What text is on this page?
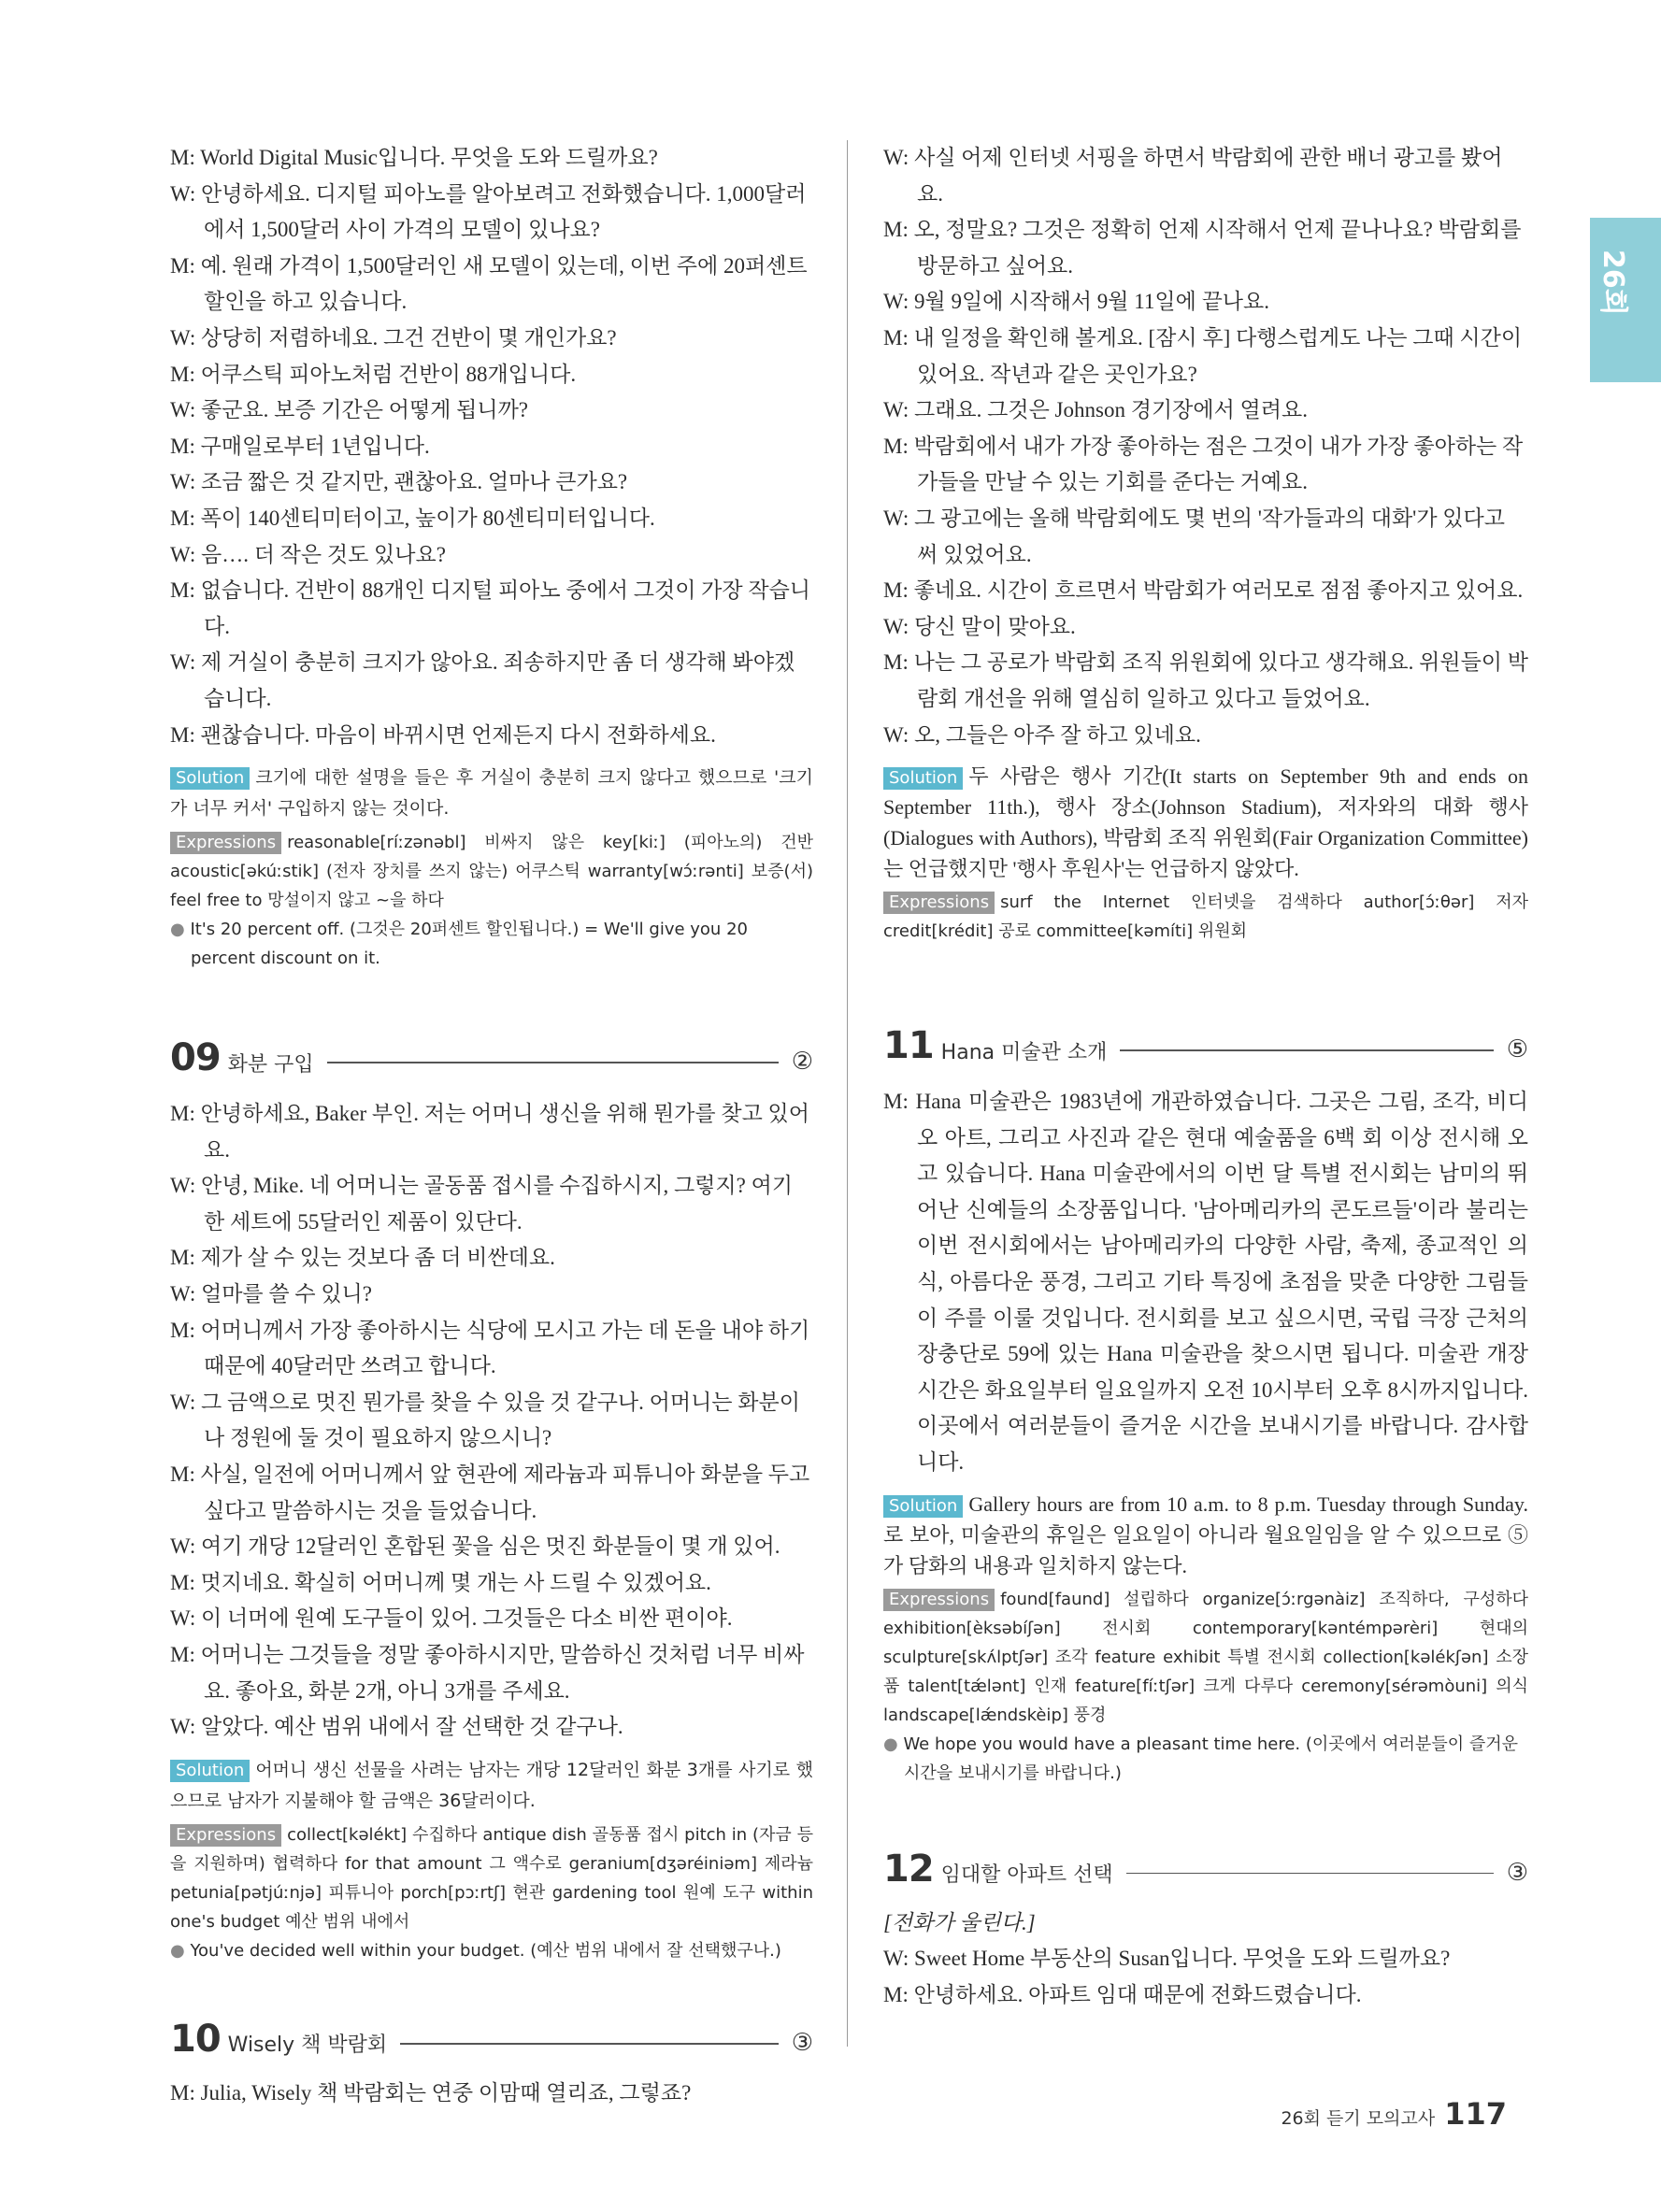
26회

M: World Digital Music입니다. 무엇을 도와 드릴까요?

W: 안녕하세요. 디지털 피아노를 알아보려고 전화했습니다. 1,000달러에서 1,500달러 사이 가격의 모델이 있나요?

M: 예. 원래 가격이 1,500달러인 새 모델이 있는데, 이번 주에 20퍼센트 할인을 하고 있습니다.

W: 상당히 저렴하네요. 그건 건반이 몇 개인가요?

M: 어쿠스틱 피아노처럼 건반이 88개입니다.

W: 좋군요. 보증 기간은 어떻게 됩니까?

M: 구매일로부터 1년입니다.

W: 조금 짧은 것 같지만, 괜찮아요. 얼마나 큰가요?

M: 폭이 140센티미터이고, 높이가 80센티미터입니다.

W: 음…. 더 작은 것도 있나요?

M: 없습니다. 건반이 88개인 디지털 피아노 중에서 그것이 가장 작습니다.

W: 제 거실이 충분히 크지가 않아요. 죄송하지만 좀 더 생각해 봐야겠습니다.

M: 괜찮습니다. 마음이 바뀌시면 언제든지 다시 전화하세요.

Solution 크기에 대한 설명을 들은 후 거실이 충분히 크지 않다고 했으므로 '크기가 너무 커서' 구입하지 않는 것이다.

Expressions reasonable[ríːzənəbl] 비싸지 않은 key[kiː] (피아노의) 건반 acoustic[əkúːstik] (전자 장치를 쓰지 않는) 어쿠스틱 warranty[wɔ́ːrənti] 보증(서) feel free to 망설이지 않고 ~을 하다

● It's 20 percent off. (그것은 20퍼센트 할인됩니다.) = We'll give you 20 percent discount on it.

09 화분 구입	②

M: 안녕하세요, Baker 부인. 저는 어머니 생신을 위해 뭔가를 찾고 있어요.

W: 안녕, Mike. 네 어머니는 골동품 접시를 수집하시지, 그렇지? 여기 한 세트에 55달러인 제품이 있단다.

M: 제가 살 수 있는 것보다 좀 더 비싼데요.

W: 얼마를 쓸 수 있니?

M: 어머니께서 가장 좋아하시는 식당에 모시고 가는 데 돈을 내야 하기 때문에 40달러만 쓰려고 합니다.

W: 그 금액으로 멋진 뭔가를 찾을 수 있을 것 같구나. 어머니는 화분이나 정원에 둘 것이 필요하지 않으시니?

M: 사실, 일전에 어머니께서 앞 현관에 제라늄과 피튜니아 화분을 두고 싶다고 말씀하시는 것을 들었습니다.

W: 여기 개당 12달러인 혼합된 꽃을 심은 멋진 화분들이 몇 개 있어.

M: 멋지네요. 확실히 어머니께 몇 개는 사 드릴 수 있겠어요.

W: 이 너머에 원예 도구들이 있어. 그것들은 다소 비싼 편이야.

M: 어머니는 그것들을 정말 좋아하시지만, 말씀하신 것처럼 너무 비싸요. 좋아요, 화분 2개, 아니 3개를 주세요.

W: 알았다. 예산 범위 내에서 잘 선택한 것 같구나.

Solution 어머니 생신 선물을 사려는 남자는 개당 12달러인 화분 3개를 사기로 했으므로 남자가 지불해야 할 금액은 36달러이다.

Expressions collect[kəlékt] 수집하다 antique dish 골동품 접시 pitch in (자금 등을 지원하며) 협력하다 for that amount 그 액수로 geranium[dʒəréiniəm] 제라늄 petunia[pətjúːnjə] 피튜니아 porch[pɔːrtʃ] 현관 gardening tool 원예 도구 within one's budget 예산 범위 내에서

● You've decided well within your budget. (예산 범위 내에서 잘 선택했구나.)

10 Wisely 책 박람회	③

M: Julia, Wisely 책 박람회는 연중 이맘때 열리죠, 그렇죠?

W: 사실 어제 인터넷 서핑을 하면서 박람회에 관한 배너 광고를 봤어요.

M: 오, 정말요? 그것은 정확히 언제 시작해서 언제 끝나나요? 박람회를 방문하고 싶어요.

W: 9월 9일에 시작해서 9월 11일에 끝나요.

M: 내 일정을 확인해 볼게요. [잠시 후] 다행스럽게도 나는 그때 시간이 있어요. 작년과 같은 곳인가요?

W: 그래요. 그것은 Johnson 경기장에서 열려요.

M: 박람회에서 내가 가장 좋아하는 점은 그것이 내가 가장 좋아하는 작가들을 만날 수 있는 기회를 준다는 거예요.

W: 그 광고에는 올해 박람회에도 몇 번의 '작가들과의 대화'가 있다고 써 있었어요.

M: 좋네요. 시간이 흐르면서 박람회가 여러모로 점점 좋아지고 있어요.

W: 당신 말이 맞아요.

M: 나는 그 공로가 박람회 조직 위원회에 있다고 생각해요. 위원들이 박람회 개선을 위해 열심히 일하고 있다고 들었어요.

W: 오, 그들은 아주 잘 하고 있네요.

Solution 두 사람은 행사 기간(It starts on September 9th and ends on September 11th.), 행사 장소(Johnson Stadium), 저자와의 대화 행사(Dialogues with Authors), 박람회 조직 위원회(Fair Organization Committee)는 언급했지만 '행사 후원사'는 언급하지 않았다.

Expressions surf the Internet 인터넷을 검색하다 author[ɔ́ːθər] 저자 credit[krédit] 공로 committee[kəmíti] 위원회

11 Hana 미술관 소개	⑤

M: Hana 미술관은 1983년에 개관하였습니다. 그곳은 그림, 조각, 비디오 아트, 그리고 사진과 같은 현대 예술품을 6백 회 이상 전시해 오고 있습니다. Hana 미술관에서의 이번 달 특별 전시회는 남미의 뛰어난 신예들의 소장품입니다. '남아메리카의 콘도르들'이라 불리는 이번 전시회에서는 남아메리카의 다양한 사람, 축제, 종교적인 의식, 아름다운 풍경, 그리고 기타 특징에 초점을 맞춘 다양한 그림들이 주를 이룰 것입니다. 전시회를 보고 싶으시면, 국립 극장 근처의 장충단로 59에 있는 Hana 미술관을 찾으시면 됩니다. 미술관 개장 시간은 화요일부터 일요일까지 오전 10시부터 오후 8시까지입니다. 이곳에서 여러분들이 즐거운 시간을 보내시기를 바랍니다. 감사합니다.

Solution Gallery hours are from 10 a.m. to 8 p.m. Tuesday through Sunday.로 보아, 미술관의 휴일은 일요일이 아니라 월요일임을 알 수 있으므로 ⑤가 담화의 내용과 일치하지 않는다.

Expressions found[faund] 설립하다 organize[ɔ́ːrgənàiz] 조직하다, 구성하다 exhibition[èksəbíʃən] 전시회 contemporary[kəntémpərèri] 현대의 sculpture[skʌ́lptʃər] 조각 feature exhibit 특별 전시회 collection[kəlékʃən] 소장품 talent[tǽlənt] 인재 feature[fíːtʃər] 크게 다루다 ceremony[sérəmòuni] 의식 landscape[lǽndskèip] 풍경

● We hope you would have a pleasant time here. (이곳에서 여러분들이 즐거운 시간을 보내시기를 바랍니다.)

12 임대할 아파트 선택	③

[전화가 울린다.]

W: Sweet Home 부동산의 Susan입니다. 무엇을 도와 드릴까요?

M: 안녕하세요. 아파트 임대 때문에 전화드렸습니다.

26회 듣기 모의고사 117
